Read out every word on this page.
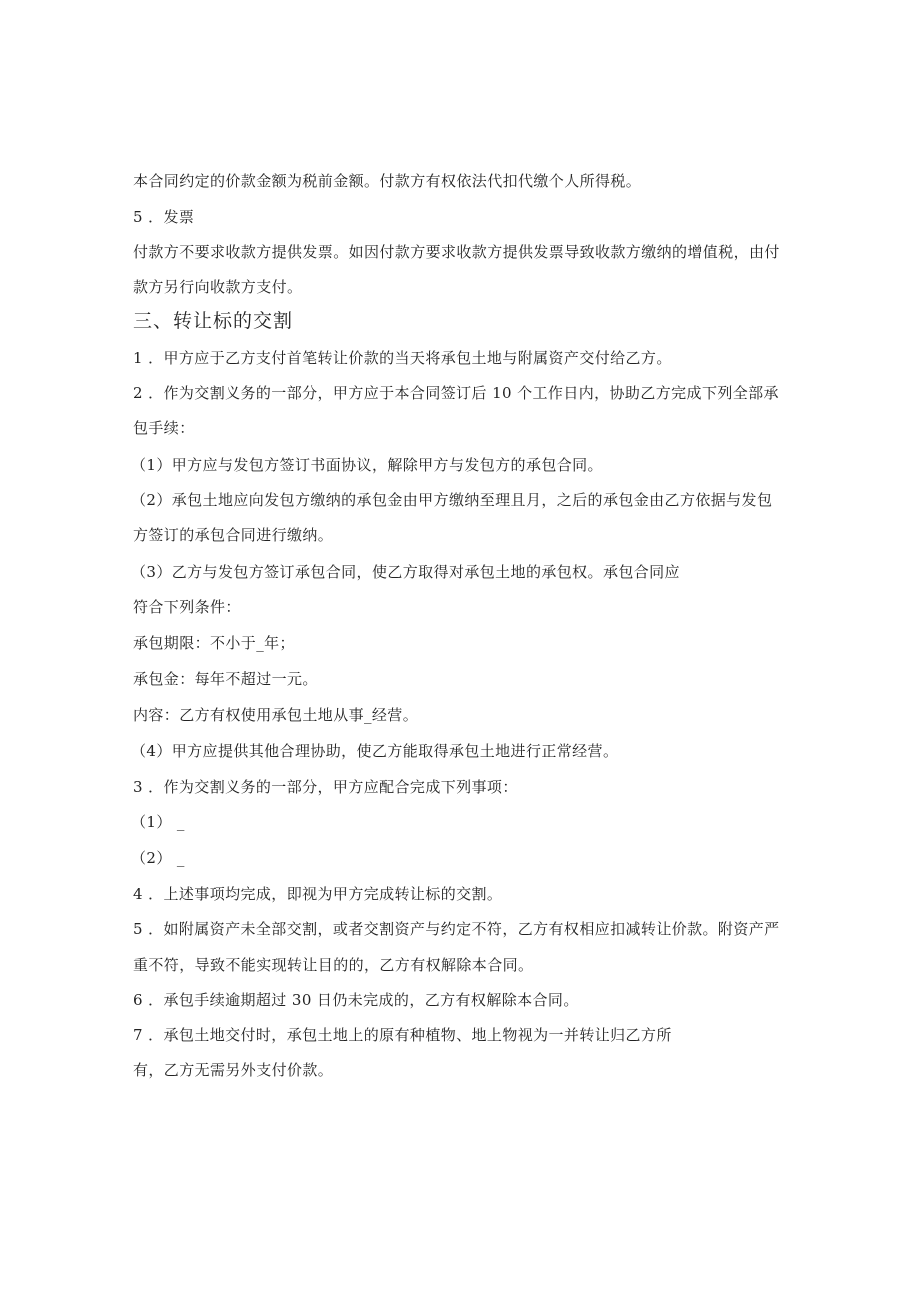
本合同约定的价款金额为税前金额。付款方有权依法代扣代缴个人所得税。
5 ．发票
付款方不要求收款方提供发票。如因付款方要求收款方提供发票导致收款方缴纳的增值税，由付
款方另行向收款方支付。
三、转让标的交割
1 ．甲方应于乙方支付首笔转让价款的当天将承包土地与附属资产交付给乙方。
2 ．作为交割义务的一部分，甲方应于本合同签订后 10 个工作日内，协助乙方完成下列全部承
包手续：
（1）甲方应与发包方签订书面协议，解除甲方与发包方的承包合同。
（2）承包土地应向发包方缴纳的承包金由甲方缴纳至理且月，之后的承包金由乙方依据与发包
方签订的承包合同进行缴纳。
（3）乙方与发包方签订承包合同，使乙方取得对承包土地的承包权。承包合同应
符合下列条件：
承包期限：不小于_年；
承包金：每年不超过一元。
内容：乙方有权使用承包土地从事_经营。
（4）甲方应提供其他合理协助，使乙方能取得承包土地进行正常经营。
3 ．作为交割义务的一部分，甲方应配合完成下列事项：
（1） _
（2） _
4 ．上述事项均完成，即视为甲方完成转让标的交割。
5 ．如附属资产未全部交割，或者交割资产与约定不符，乙方有权相应扣减转让价款。附资产严
重不符，导致不能实现转让目的的，乙方有权解除本合同。
6 ．承包手续逾期超过 30 日仍未完成的，乙方有权解除本合同。
7 ．承包土地交付时，承包土地上的原有种植物、地上物视为一并转让归乙方所
有，乙方无需另外支付价款。
